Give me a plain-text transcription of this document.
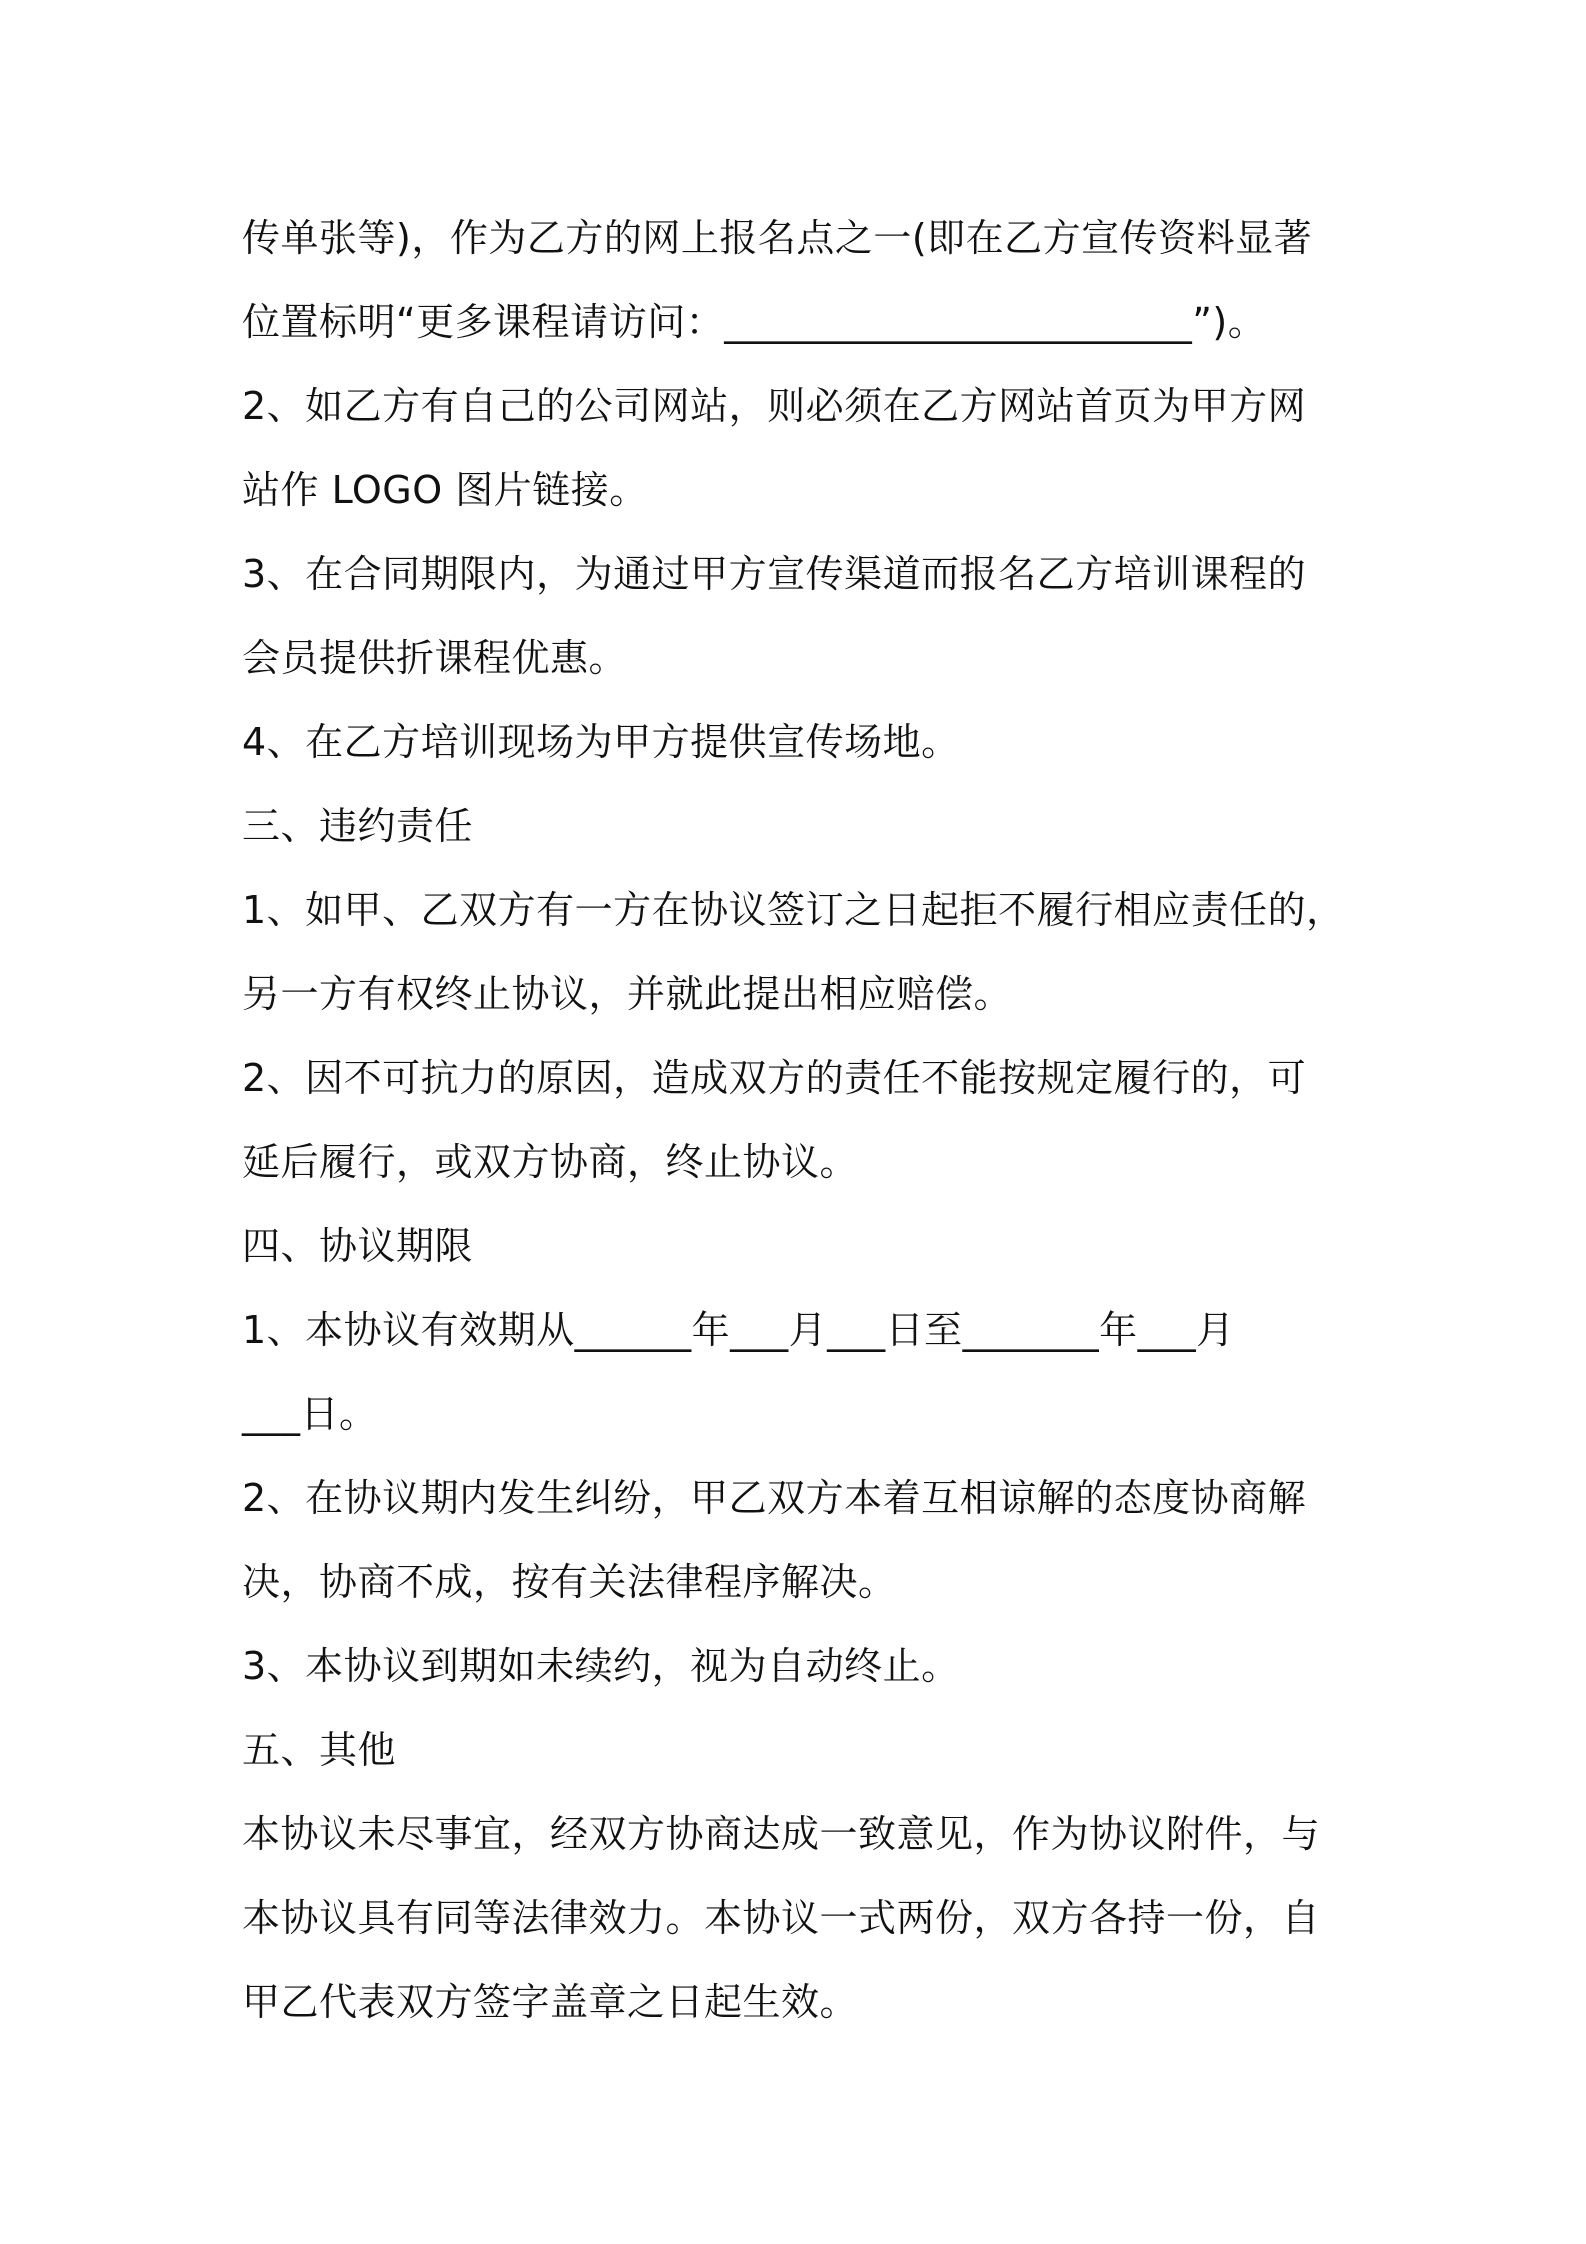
传单张等)，作为乙方的网上报名点之一(即在乙方宣传资料显著
位置标明“更多课程请访问：________________________”)。
2、如乙方有自己的公司网站，则必须在乙方网站首页为甲方网
站作 LOGO 图片链接。
3、在合同期限内，为通过甲方宣传渠道而报名乙方培训课程的
会员提供折课程优惠。
4、在乙方培训现场为甲方提供宣传场地。
三、违约责任
1、如甲、乙双方有一方在协议签订之日起拒不履行相应责任的，
另一方有权终止协议，并就此提出相应赔偿。
2、因不可抗力的原因，造成双方的责任不能按规定履行的，可
延后履行，或双方协商，终止协议。
四、协议期限
1、本协议有效期从______年___月___日至_______年___月
___日。
2、在协议期内发生纠纷，甲乙双方本着互相谅解的态度协商解
决，协商不成，按有关法律程序解决。
3、本协议到期如未续约，视为自动终止。
五、其他
本协议未尽事宜，经双方协商达成一致意见，作为协议附件，与
本协议具有同等法律效力。本协议一式两份，双方各持一份，自
甲乙代表双方签字盖章之日起生效。
